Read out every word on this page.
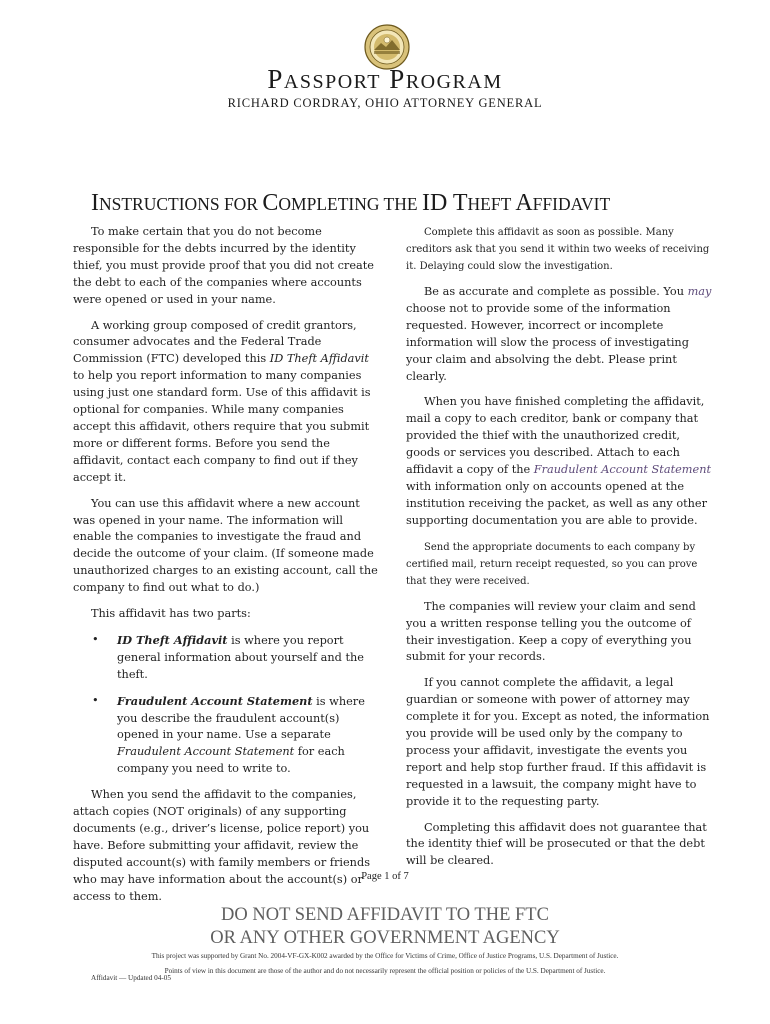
PASSPORT PROGRAM
RICHARD CORDRAY, OHIO ATTORNEY GENERAL
INSTRUCTIONS FOR COMPLETING THE ID THEFT AFFIDAVIT

To make certain that you do not become responsible for the debts incurred by the identity thief, you must provide proof that you did not create the debt to each of the companies where accounts were opened or used in your name.

A working group composed of credit grantors, consumer advocates and the Federal Trade Commission (FTC) developed this ID Theft Affidavit to help you report information to many companies using just one standard form. Use of this affidavit is optional for companies. While many companies accept this affidavit, others require that you submit more or different forms. Before you send the affidavit, contact each company to find out if they accept it.

You can use this affidavit where a new account was opened in your name. The information will enable the companies to investigate the fraud and decide the outcome of your claim. (If someone made unauthorized charges to an existing account, call the company to find out what to do.)

This affidavit has two parts:

• ID Theft Affidavit is where you report general information about yourself and the theft.
• Fraudulent Account Statement is where you describe the fraudulent account(s) opened in your name. Use a separate Fraudulent Account Statement for each company you need to write to.

When you send the affidavit to the companies, attach copies (NOT originals) of any supporting documents (e.g., driver’s license, police report) you have. Before submitting your affidavit, review the disputed account(s) with family members or friends who may have information about the account(s) or access to them.

Complete this affidavit as soon as possible. Many creditors ask that you send it within two weeks of receiving it. Delaying could slow the investigation.

Be as accurate and complete as possible. You may choose not to provide some of the information requested. However, incorrect or incomplete information will slow the process of investigating your claim and absolving the debt. Please print clearly.

When you have finished completing the affidavit, mail a copy to each creditor, bank or company that provided the thief with the unauthorized credit, goods or services you described. Attach to each affidavit a copy of the Fraudulent Account Statement with information only on accounts opened at the institution receiving the packet, as well as any other supporting documentation you are able to provide.

Send the appropriate documents to each company by certified mail, return receipt requested, so you can prove that they were received.

The companies will review your claim and send you a written response telling you the outcome of their investigation. Keep a copy of everything you submit for your records.

If you cannot complete the affidavit, a legal guardian or someone with power of attorney may complete it for you. Except as noted, the information you provide will be used only by the company to process your affidavit, investigate the events you report and help stop further fraud. If this affidavit is requested in a lawsuit, the company might have to provide it to the requesting party.

Completing this affidavit does not guarantee that the identity thief will be prosecuted or that the debt will be cleared.

Page 1 of 7
DO NOT SEND AFFIDAVIT TO THE FTC
OR ANY OTHER GOVERNMENT AGENCY
This project was supported by Grant No. 2004-VF-GX-K002 awarded by the Office for Victims of Crime, Office of Justice Programs, U.S. Department of Justice.
Points of view in this document are those of the author and do not necessarily represent the official position or policies of the U.S. Department of Justice.
Affidavit — Updated 04-05
